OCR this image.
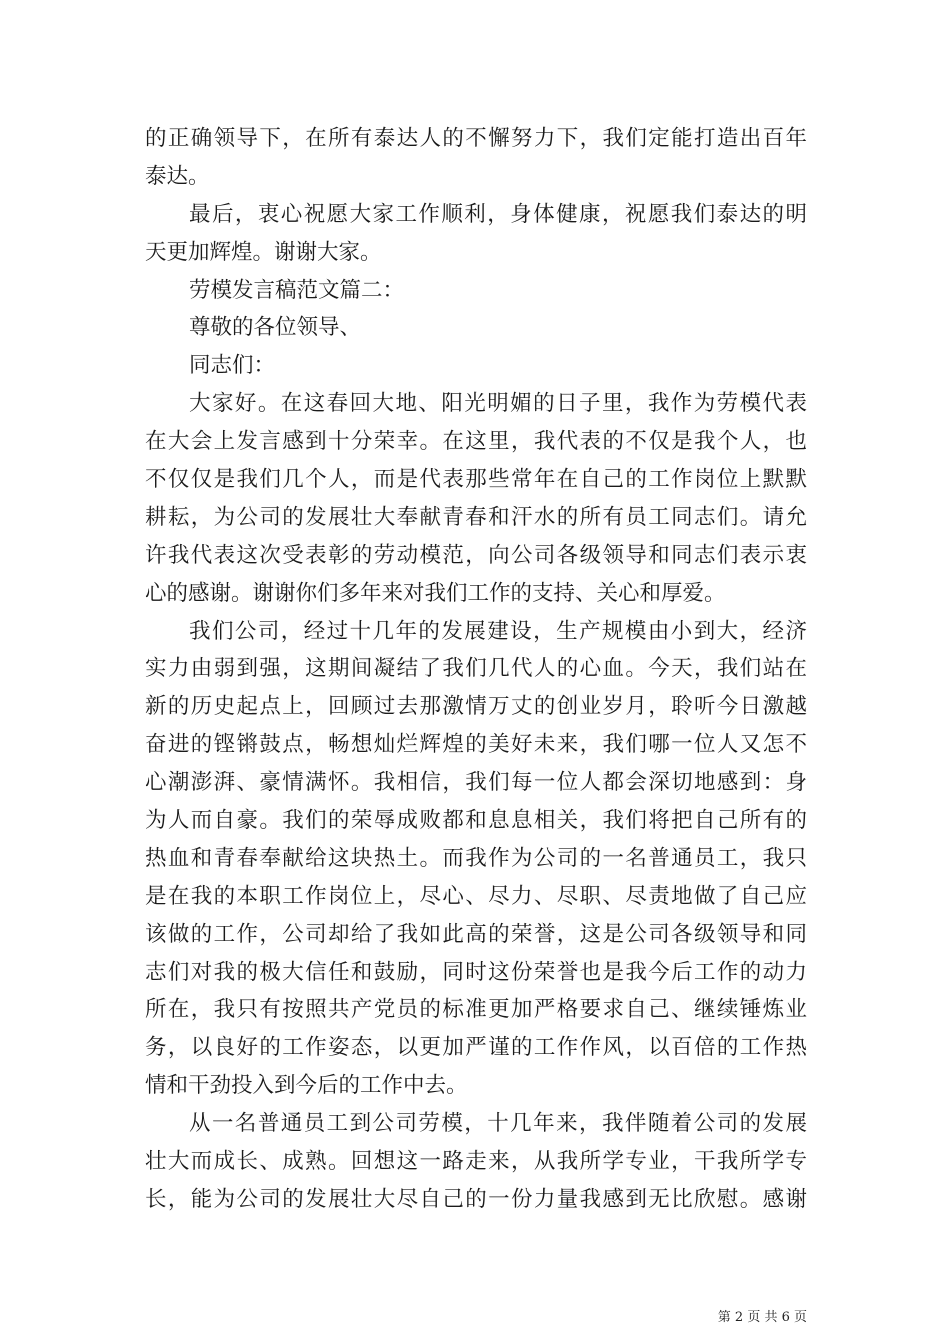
的正确领导下，在所有泰达人的不懈努力下，我们定能打造出百年
泰达。
最后，衷心祝愿大家工作顺利，身体健康，祝愿我们泰达的明
天更加辉煌。谢谢大家。
劳模发言稿范文篇二：
尊敬的各位领导、
同志们：
大家好。在这春回大地、阳光明媚的日子里，我作为劳模代表
在大会上发言感到十分荣幸。在这里，我代表的不仅是我个人，也
不仅仅是我们几个人，而是代表那些常年在自己的工作岗位上默默
耕耘，为公司的发展壮大奉献青春和汗水的所有员工同志们。请允
许我代表这次受表彰的劳动模范，向公司各级领导和同志们表示衷
心的感谢。谢谢你们多年来对我们工作的支持、关心和厚爱。
我们公司，经过十几年的发展建设，生产规模由小到大，经济
实力由弱到强，这期间凝结了我们几代人的心血。今天，我们站在
新的历史起点上，回顾过去那激情万丈的创业岁月，聆听今日激越
奋进的铿锵鼓点，畅想灿烂辉煌的美好未来，我们哪一位人又怎不
心潮澎湃、豪情满怀。我相信，我们每一位人都会深切地感到：身
为人而自豪。我们的荣辱成败都和息息相关，我们将把自己所有的
热血和青春奉献给这块热土。而我作为公司的一名普通员工，我只
是在我的本职工作岗位上，尽心、尽力、尽职、尽责地做了自己应
该做的工作，公司却给了我如此高的荣誉，这是公司各级领导和同
志们对我的极大信任和鼓励，同时这份荣誉也是我今后工作的动力
所在，我只有按照共产党员的标准更加严格要求自己、继续锤炼业
务，以良好的工作姿态，以更加严谨的工作作风，以百倍的工作热
情和干劲投入到今后的工作中去。
从一名普通员工到公司劳模，十几年来，我伴随着公司的发展
壮大而成长、成熟。回想这一路走来，从我所学专业，干我所学专
长，能为公司的发展壮大尽自己的一份力量我感到无比欣慰。感谢
第 2 页 共 6 页
